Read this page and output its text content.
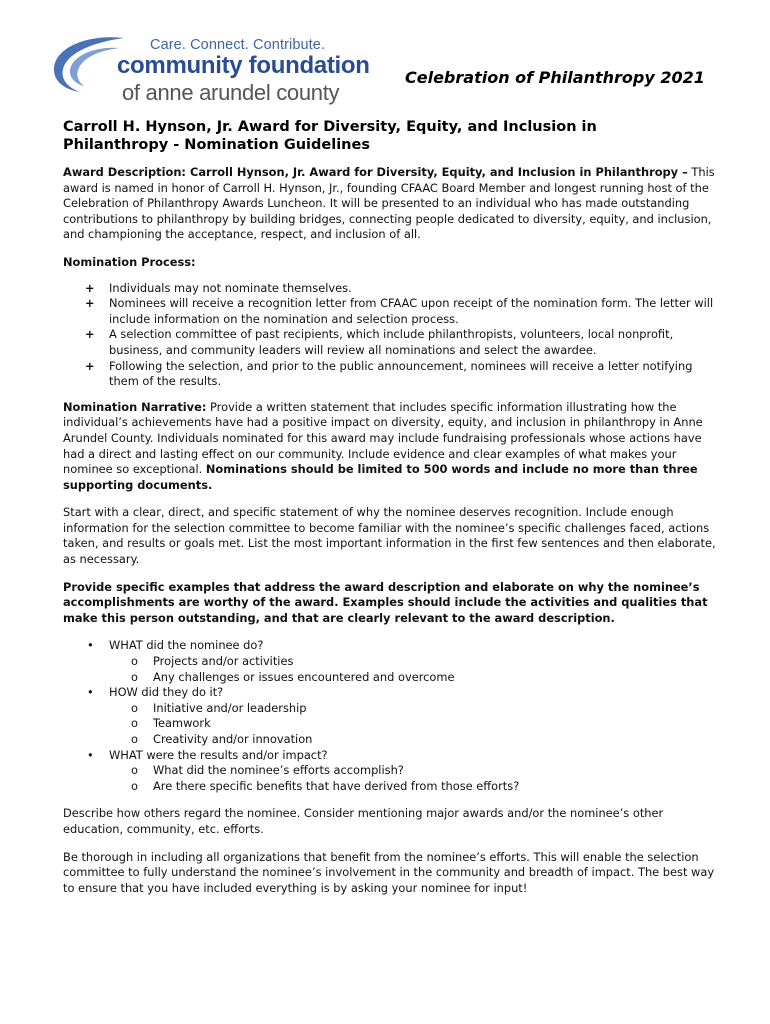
Care. Connect. Contribute.
community foundation
of anne arundel county
Celebration of Philanthropy 2021
Carroll H. Hynson, Jr. Award for Diversity, Equity, and Inclusion in
Philanthropy - Nomination Guidelines

Award Description: Carroll Hynson, Jr. Award for Diversity, Equity, and Inclusion in Philanthropy – This award is named in honor of Carroll H. Hynson, Jr., founding CFAAC Board Member and longest running host of the Celebration of Philanthropy Awards Luncheon. It will be presented to an individual who has made outstanding contributions to philanthropy by building bridges, connecting people dedicated to diversity, equity, and inclusion, and championing the acceptance, respect, and inclusion of all.

Nomination Process:
+ Individuals may not nominate themselves.
+ Nominees will receive a recognition letter from CFAAC upon receipt of the nomination form. The letter will include information on the nomination and selection process.
+ A selection committee of past recipients, which include philanthropists, volunteers, local nonprofit, business, and community leaders will review all nominations and select the awardee.
+ Following the selection, and prior to the public announcement, nominees will receive a letter notifying them of the results.

Nomination Narrative: Provide a written statement that includes specific information illustrating how the individual’s achievements have had a positive impact on diversity, equity, and inclusion in philanthropy in Anne Arundel County. Individuals nominated for this award may include fundraising professionals whose actions have had a direct and lasting effect on our community. Include evidence and clear examples of what makes your nominee so exceptional. Nominations should be limited to 500 words and include no more than three supporting documents.

Start with a clear, direct, and specific statement of why the nominee deserves recognition. Include enough information for the selection committee to become familiar with the nominee’s specific challenges faced, actions taken, and results or goals met. List the most important information in the first few sentences and then elaborate, as necessary.

Provide specific examples that address the award description and elaborate on why the nominee’s accomplishments are worthy of the award. Examples should include the activities and qualities that make this person outstanding, and that are clearly relevant to the award description.

• WHAT did the nominee do?
o Projects and/or activities
o Any challenges or issues encountered and overcome
• HOW did they do it?
o Initiative and/or leadership
o Teamwork
o Creativity and/or innovation
• WHAT were the results and/or impact?
o What did the nominee’s efforts accomplish?
o Are there specific benefits that have derived from those efforts?

Describe how others regard the nominee. Consider mentioning major awards and/or the nominee’s other education, community, etc. efforts.

Be thorough in including all organizations that benefit from the nominee’s efforts. This will enable the selection committee to fully understand the nominee’s involvement in the community and breadth of impact. The best way to ensure that you have included everything is by asking your nominee for input!
